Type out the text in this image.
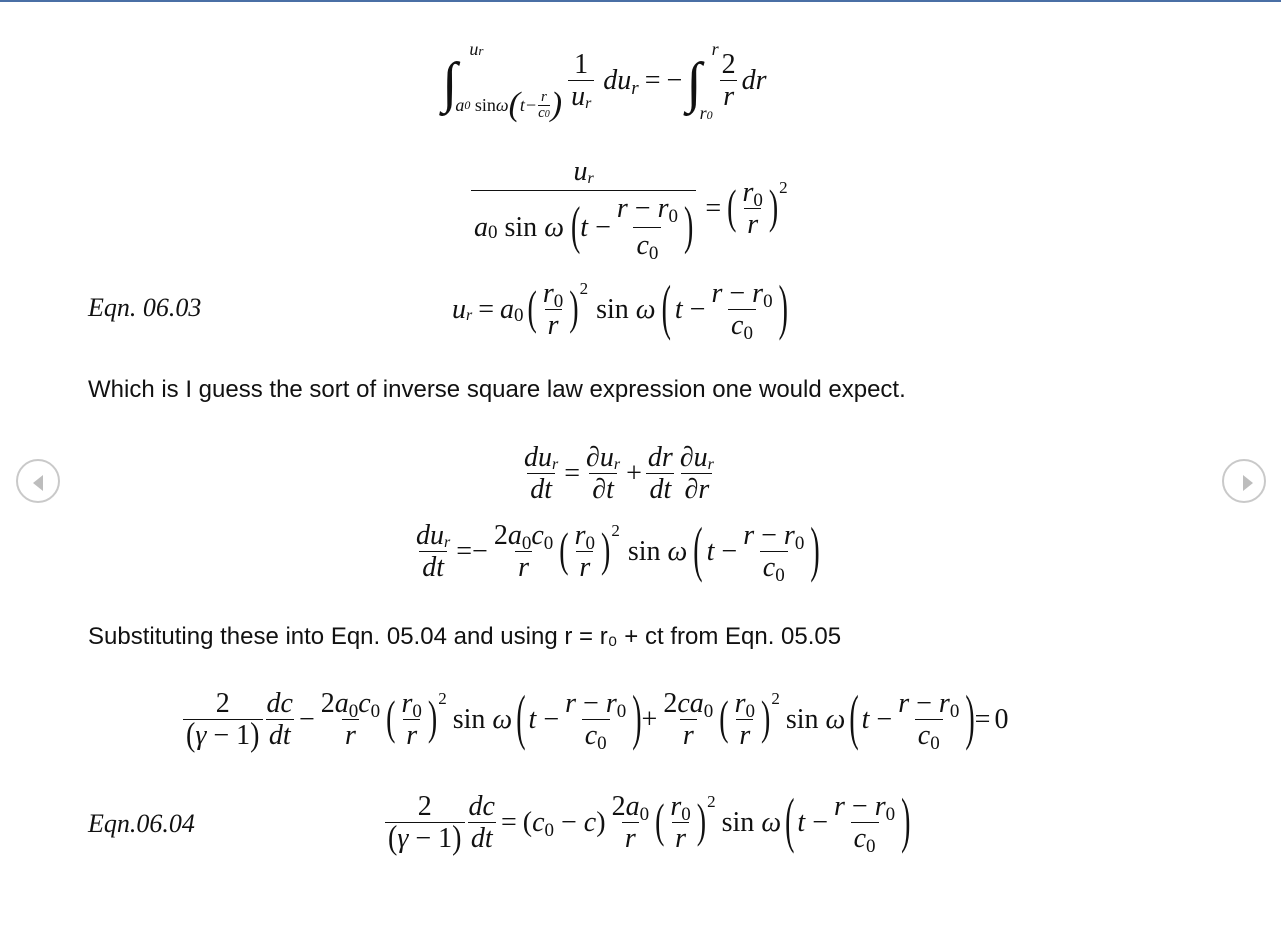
∫
ur
a 0
sin ω ( t− r
c0 ) $\frac{1}{ur}$ dur = − ∫
r
r0
$\frac{2}{r}$ dr
ur
a 0 sin ω
( $t - \frac{r - r0}{c0}$ ) = ( $\frac{r0}{r}$ ) 2
Eqn. 06.03	u r = a 0 ( $\frac{r0}{r}$ ) 2
sin ω ( $t - \frac{r - r0}{c0}$ )
Which is I guess the sort of inverse square law expression one would expect.
$\frac{\text{dur}}{dt} = \frac{\partial ur}{\partial t} + \frac{dr}{dt} \frac{\partial ur}{\partial r}$
$\frac{\text{dur}}{dt}$ = − $\frac{2a0c0}{r}$ ( $\frac{r0}{r}$ ) 2
sin ω ( $t - \frac{r - r0}{c0}$ )
Substituting these into Eqn. 05.04 and using r = r₀ + ct from Eqn. 05.05
$\frac{2}{( \gamma - 1 )} \frac{dc}{dt} - \frac{2a0c0}{r}$ ( $\frac{r0}{r}$ ) 2
sin ω ( $t - \frac{r - r0}{c0}$ ) + $\frac{2ca0}{r}$ ( $\frac{r0}{r}$ ) 2
sin ω ( $t - \frac{r - r0}{c0}$ ) = 0
Eqn.06.04	$\frac{2}{( \gamma - 1 )} \frac{dc}{dt} = (c0 - c) \frac{2a0}{r}$ ( $\frac{r0}{r}$ ) 2
sin ω ( $t - \frac{r - r0}{c0}$ )
